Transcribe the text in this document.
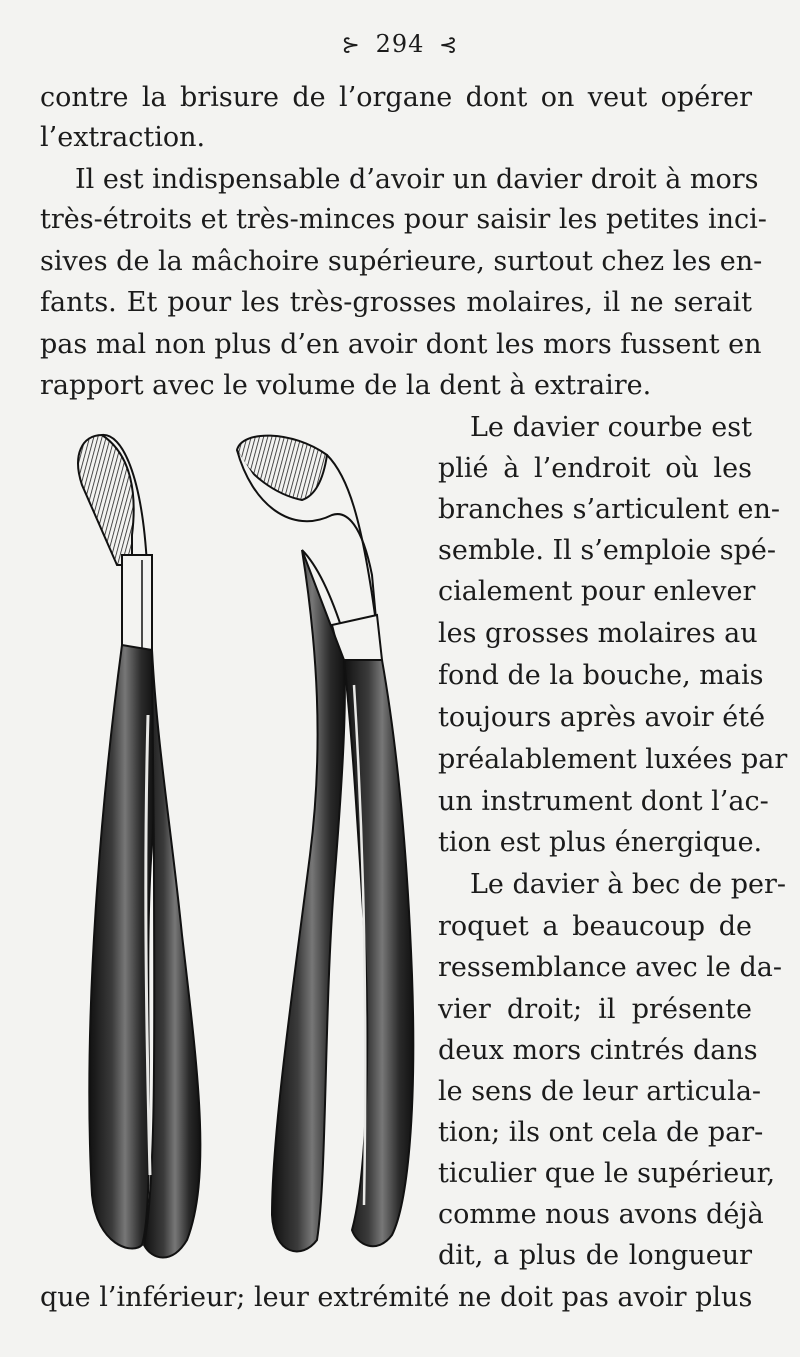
⊱ 294 ⊰
contre la brisure de l’organe dont on veut opérer
l’extraction.
Il est indispensable d’avoir un davier droit à mors
très-étroits et très-minces pour saisir les petites inci-
sives de la mâchoire supérieure, surtout chez les en-
fants. Et pour les très-grosses molaires, il ne serait
pas mal non plus d’en avoir dont les mors fussent en
rapport avec le volume de la dent à extraire.
Le davier courbe est
plié à l’endroit où les
branches s’articulent en-
semble. Il s’emploie spé-
cialement pour enlever
les grosses molaires au
fond de la bouche, mais
toujours après avoir été
préalablement luxées par
un instrument dont l’ac-
tion est plus énergique.
Le davier à bec de per-
roquet a beaucoup de
ressemblance avec le da-
vier droit; il présente
deux mors cintrés dans
le sens de leur articula-
tion; ils ont cela de par-
ticulier que le supérieur,
comme nous avons déjà
dit, a plus de longueur
que l’inférieur; leur extrémité ne doit pas avoir plus
